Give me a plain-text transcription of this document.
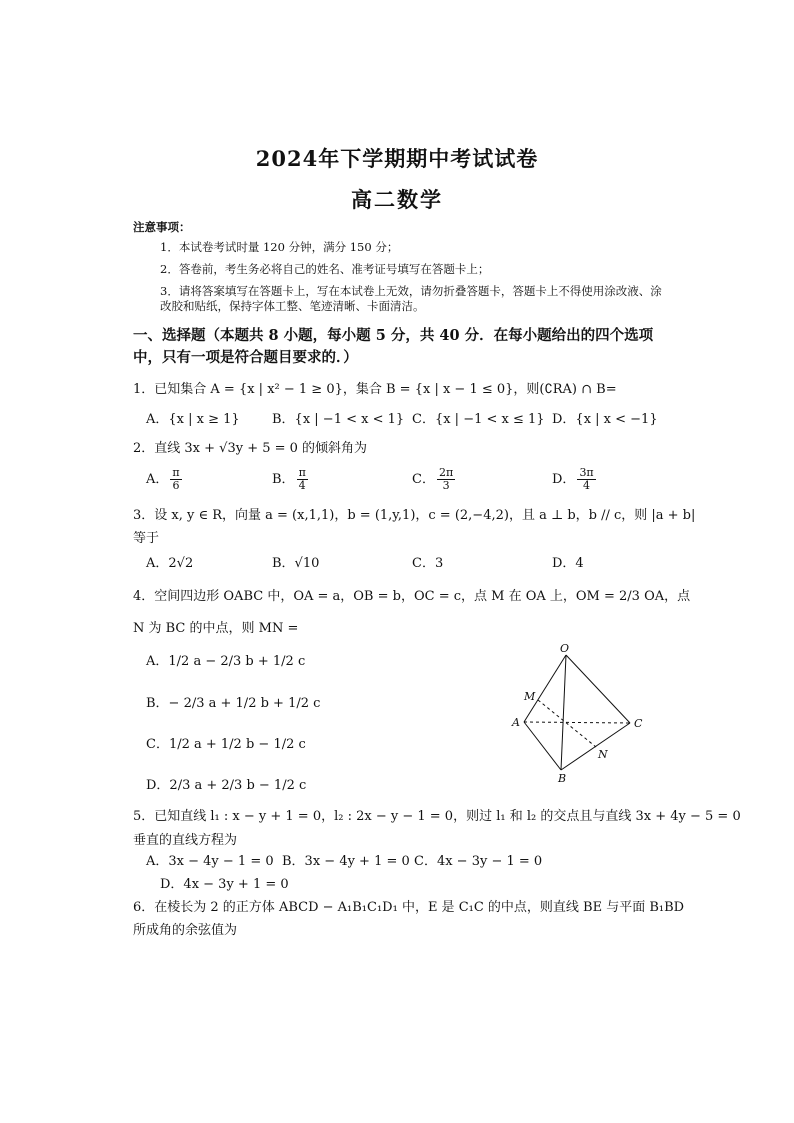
2024年下学期期中考试试卷
高二数学
注意事项：
1．本试卷考试时量 120 分钟，满分 150 分；
2．答卷前，考生务必将自己的姓名、准考证号填写在答题卡上；
3．请将答案填写在答题卡上，写在本试卷上无效，请勿折叠答题卡，答题卡上不得使用涂改液、涂改胶和贴纸，保持字体工整、笔迹清晰、卡面清洁。
一、选择题（本题共 8 小题，每小题 5 分，共 40 分．在每小题给出的四个选项中，只有一项是符合题目要求的．）
1．已知集合 A = {x | x² − 1 ≥ 0}，集合 B = {x | x − 1 ≤ 0}，则(∁RA) ∩ B=
A．{x | x ≥ 1} B．{x | −1 < x < 1} C．{x | −1 < x ≤ 1} D．{x | x < −1}
2．直线 3x + √3y + 5 = 0 的倾斜角为
A． $\frac{\pi}{6}$	B． $\frac{\pi}{4}$	C． $\frac{2\pi}{3}$	D． $\frac{3\pi}{4}$
3．设 x, y ∈ R，向量 a = (x,1,1)，b = (1,y,1)，c = (2,−4,2)，且 a ⊥ b，b // c，则 |a + b|
等于
A．2√2	B．√10	C．3	D．4
4．空间四边形 OABC 中，OA = a，OB = b，OC = c，点 M 在 OA 上，OM = 2/3 OA，点
N 为 BC 的中点，则 MN =
A．1/2 a − 2/3 b + 1/2 c
B．− 2/3 a + 1/2 b + 1/2 c
C．1/2 a + 1/2 b − 1/2 c
D．2/3 a + 2/3 b − 1/2 c
O
A
B
C
M
N
5．已知直线 l₁ : x − y + 1 = 0，l₂ : 2x − y − 1 = 0，则过 l₁ 和 l₂ 的交点且与直线 3x + 4y − 5 = 0
垂直的直线方程为
A．3x − 4y − 1 = 0 B．3x − 4y + 1 = 0 C．4x − 3y − 1 = 0
D．4x − 3y + 1 = 0
6．在棱长为 2 的正方体 ABCD − A₁B₁C₁D₁ 中，E 是 C₁C 的中点，则直线 BE 与平面 B₁BD
所成角的余弦值为
